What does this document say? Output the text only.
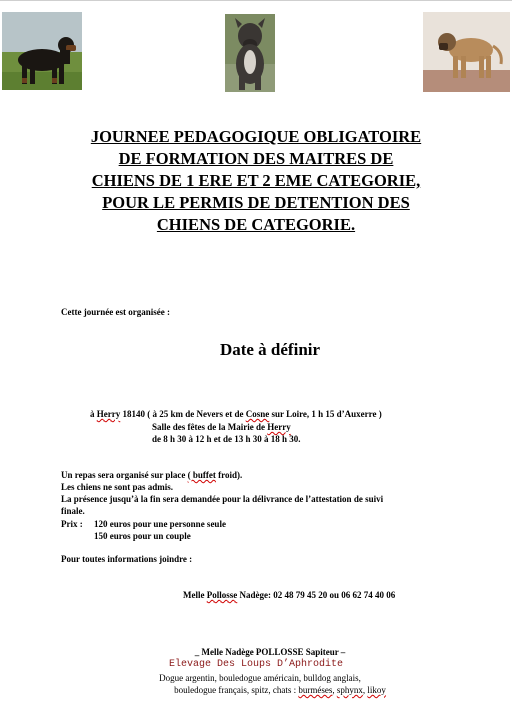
JOURNEE PEDAGOGIQUE OBLIGATOIRE
DE FORMATION DES MAITRES DE
CHIENS DE 1 ERE ET 2 EME CATEGORIE,
POUR LE PERMIS DE DETENTION DES
CHIENS DE CATEGORIE.
Cette journée est organisée :
Date à définir
à Herry 18140 ( à 25 km de Nevers et de Cosne sur Loire, 1 h 15 d’Auxerre )
Salle des fêtes de la Mairie de Herry
de 8 h 30 à 12 h et de 13 h 30 à 18 h 30.
Un repas sera organisé sur place ( buffet froid).
Les chiens ne sont pas admis.
La présence jusqu’à la fin sera demandée pour la délivrance de l’attestation de suivi
finale.
Prix : 120 euros pour une personne seule
150 euros pour un couple
Pour toutes informations joindre :
Melle Pollosse Nadège: 02 48 79 45 20 ou 06 62 74 40 06
_ Melle Nadège POLLOSSE Sapiteur –
Elevage Des Loups D’Aphrodite
Dogue argentin, bouledogue américain, bulldog anglais,
bouledogue français, spitz, chats : burméses, sphynx, likoy
